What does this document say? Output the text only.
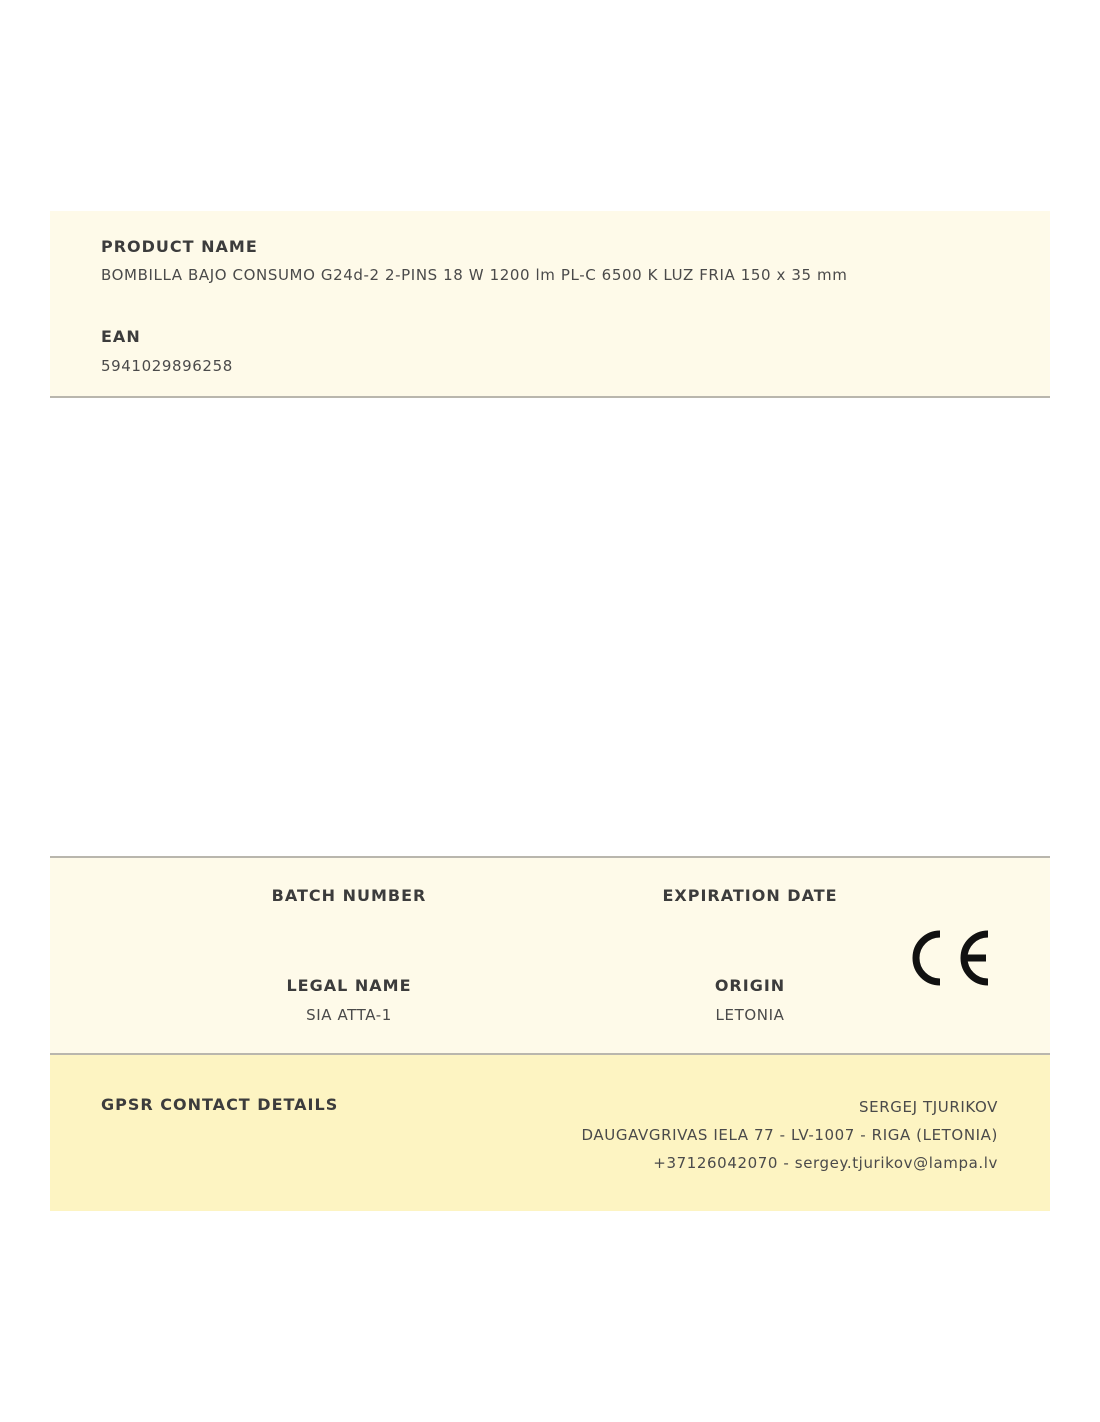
PRODUCT NAME
BOMBILLA BAJO CONSUMO G24d-2 2-PINS 18 W 1200 lm PL-C 6500 K LUZ FRIA 150 x 35 mm
EAN
5941029896258
BATCH NUMBER	EXPIRATION DATE
LEGAL NAME
SIA ATTA-1
ORIGIN
LETONIA
GPSR CONTACT DETAILS	SERGEJ TJURIKOV
DAUGAVGRIVAS IELA 77 - LV-1007 - RIGA (LETONIA)
+37126042070 - sergey.tjurikov@lampa.lv
